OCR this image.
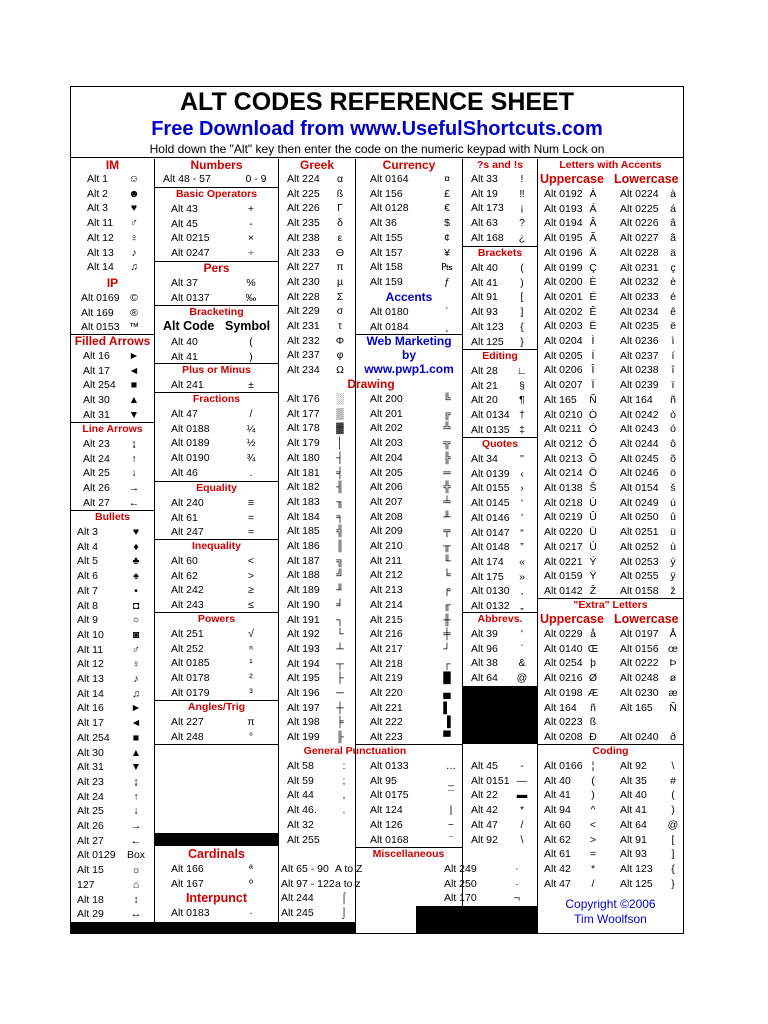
ALT CODES REFERENCE SHEET
Free Download from www.UsefulShortcuts.com
Hold down the "Alt" key then enter the code on the numeric keypad with Num Lock on
IM
Alt 1	☺
Alt 2	☻
Alt 3	♥
Alt 11	♂
Alt 12	♀
Alt 13	♪
Alt 14	♫
IP
Alt 0169	©
Alt 169	®
Alt 0153 ™
Filled Arrows
Alt 16	►
Alt 17	◄
Alt 254	■
Alt 30	▲
Alt 31	▼
Line Arrows
Alt 23	↨
Alt 24	↑
Alt 25	↓
Alt 26	→
Alt 27	←
Bullets
Alt 3	♥
Alt 4	♦
Alt 5	♣
Alt 6	♠
Alt 7	•
Alt 8	◘
Alt 9	○
Alt 10	◙
Alt 11	♂
Alt 12	♀
Alt 13	♪
Alt 14	♫
Alt 16	►
Alt 17	◄
Alt 254	■
Alt 30	▲
Alt 31	▼
Alt 23	↨
Alt 24	↑
Alt 25	↓
Alt 26	→
Alt 27	←
Alt 0129	Box
Alt 15	☼
127	⌂
Alt 18	↕
Alt 29	↔
Numbers
Alt 48 - 57	0 - 9
Basic Operators
Alt 43	+
Alt 45	-
Alt 0215	×
Alt 0247	÷
Pers
Alt 37	%
Alt 0137	‰
Bracketing
Alt Code Symbol
Alt 40	(
Alt 41	)
Plus or Minus
Alt 241	±
Fractions
Alt 47	/
Alt 0188	¼
Alt 0189	½
Alt 0190	¾
Alt 46	.
Equality
Alt 240	≡
Alt 61	=
Alt 247	≈
Inequality
Alt 60	<
Alt 62	>
Alt 242	≥
Alt 243	≤
Powers
Alt 251	√
Alt 252	ⁿ
Alt 0185	¹
Alt 0178	²
Alt 0179	³
Angles/Trig
Alt 227	π
Alt 248	°
Cardinals
Alt 166	ª
Alt 167	º
Interpunct
Alt 0183	·
Greek
Alt 224	α
Alt 225	ß
Alt 226	Γ
Alt 235	δ
Alt 238	ε
Alt 233	Θ
Alt 227	π
Alt 230	µ
Alt 228	Σ
Alt 229	σ
Alt 231	τ
Alt 232	Φ
Alt 237	φ
Alt 234	Ω
Alt 176	░
Alt 177	▒
Alt 178	▓
Alt 179	│
Alt 180	┤
Alt 181	╡
Alt 182	╢
Alt 183	╖
Alt 184	╕
Alt 185	╣
Alt 186	║
Alt 187	╗
Alt 188	╝
Alt 189	╜
Alt 190	╛
Alt 191	┐
Alt 192	└
Alt 193	┴
Alt 194	┬
Alt 195	├
Alt 196	─
Alt 197	┼
Alt 198	╞
Alt 199	╟
Alt 58	:
Alt 59	;
Alt 44	,
Alt 46.	.
Alt 32
Alt 255
Alt 65 - 90 A to Z
Alt 97 - 122 a to z
Alt 244	⌠
Alt 245	⌡
Currency
Alt 0164	¤
Alt 156	£
Alt 0128	€
Alt 36	$
Alt 155	¢
Alt 157	¥
Alt 158	₧
Alt 159	ƒ
Accents
Alt 0180	´
Alt 0184	¸
Web Marketing
by
www.pwp1.com
Drawing
Alt 200	╚
Alt 201	╔
Alt 202	╩
Alt 203	╦
Alt 204	╠
Alt 205	═
Alt 206	╬
Alt 207	╧
Alt 208	╨
Alt 209	╤
Alt 210	╥
Alt 211	╙
Alt 212	╘
Alt 213	╒
Alt 214	╓
Alt 215	╫
Alt 216	╪
Alt 217	┘
Alt 218	┌
Alt 219	█
Alt 220	▄
Alt 221	▌
Alt 222	▐
Alt 223	▀
General Punctuation
Alt 0133	…
Alt 95	_
Alt 0175	¯
Alt 124	|
Alt 126	~
Alt 0168	¨
Miscellaneous
Alt 249	∙
Alt 250	·
Alt 170	¬
?s and !s
Alt 33	!
Alt 19	‼
Alt 173	¡
Alt 63	?
Alt 168	¿
Brackets
Alt 40	(
Alt 41	)
Alt 91	[
Alt 93	]
Alt 123	{
Alt 125	}
Editing
Alt 28	∟
Alt 21	§
Alt 20	¶
Alt 0134 †
Alt 0135 ‡
Quotes
Alt 34	"
Alt 0139	‹
Alt 0155	›
Alt 0145	‘
Alt 0146	’
Alt 0147	“
Alt 0148	”
Alt 174	«
Alt 175	»
Alt 0130	‚
Alt 0132	„
Abbrevs.
Alt 39	'
Alt 96	`
Alt 38	&
Alt 64	@
Alt 45	-
Alt 0151 —
Alt 22	▬
Alt 42	*
Alt 47	/
Alt 92	\
Letters with Accents
Uppercase Lowercase
Alt 0192 À	Alt 0224	à
Alt 0193 Á	Alt 0225	á
Alt 0194 Â	Alt 0226	â
Alt 0195 Ã	Alt 0227	ã
Alt 0196 Ä	Alt 0228	ä
Alt 0199 Ç	Alt 0231	ç
Alt 0200 È	Alt 0232	è
Alt 0201 É	Alt 0233	é
Alt 0202 Ê	Alt 0234	ê
Alt 0203 Ë	Alt 0235	ë
Alt 0204 Ì	Alt 0236	ì
Alt 0205 Í	Alt 0237	í
Alt 0206 Î	Alt 0238	î
Alt 0207 Ï	Alt 0239	ï
Alt 165	Ñ	Alt 164	ñ
Alt 0210 Ò	Alt 0242	ò
Alt 0211 Ó	Alt 0243	ó
Alt 0212 Ô	Alt 0244	ô
Alt 0213 Õ	Alt 0245	õ
Alt 0214 Ö	Alt 0246	ö
Alt 0138 Š	Alt 0154	š
Alt 0218 Ú	Alt 0249	ú
Alt 0219 Û	Alt 0250	û
Alt 0220 Ü	Alt 0251	ü
Alt 0217 Ù	Alt 0252	ù
Alt 0221 Ý	Alt 0253	ý
Alt 0159 Ÿ	Alt 0255	ÿ
Alt 0142 Ž	Alt 0158	ž
"Extra" Letters
Uppercase Lowercase
Alt 0229 å	Alt 0197	Å
Alt 0140 Œ	Alt 0156 œ
Alt 0254 þ	Alt 0222	Þ
Alt 0216 Ø	Alt 0248	ø
Alt 0198 Æ	Alt 0230 æ
Alt 164	ñ	Alt 165	Ñ
Alt 0223 ß
Alt 0208 Ð	Alt 0240	ð
Coding
Alt 0166 ¦	Alt 92	\
Alt 40	(	Alt 35	#
Alt 41	)	Alt 40	(
Alt 94	^	Alt 41	)
Alt 60	<	Alt 64	@
Alt 62	>	Alt 91	[
Alt 61	=	Alt 93	]
Alt 42	*	Alt 123	{
Alt 47	/	Alt 125	}
Copyright ©2006
Tim Woolfson
